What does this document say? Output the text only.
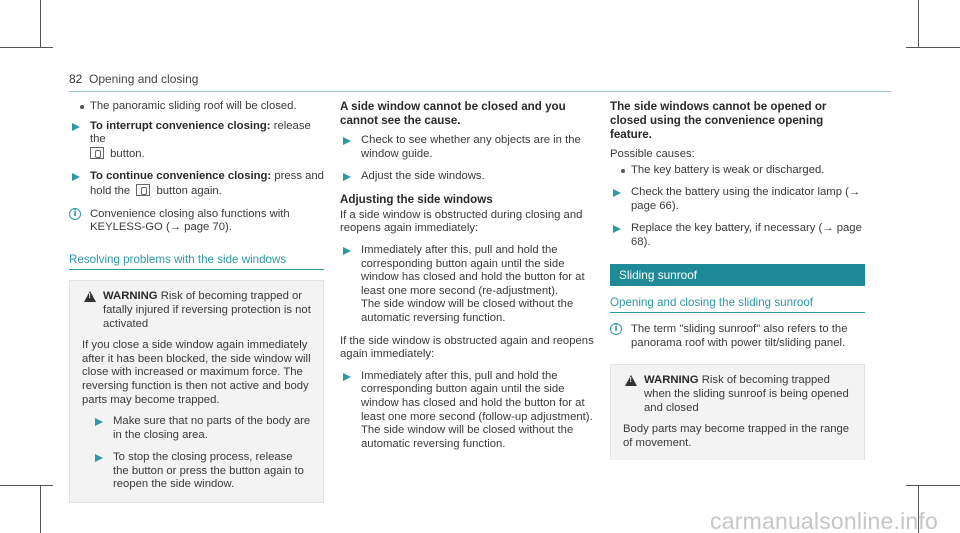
82 Opening and closing
The panoramic sliding roof will be closed.
To interrupt convenience closing: release the
button.
To continue convenience closing: press and hold the button again.
i	Convenience closing also functions with KEYLESS-GO (→ page 70).
Resolving problems with the side windows
!
WARNING Risk of becoming trapped or fatally injured if reversing protection is not activated
If you close a side window again immediately after it has been blocked, the side window will close with increased or maximum force. The reversing function is then not active and body parts may become trapped.
Make sure that no parts of the body are in the closing area.
To stop the closing process, release the button or press the button again to reopen the side window.
A side window cannot be closed and you cannot see the cause.
Check to see whether any objects are in the window guide.
Adjust the side windows.
Adjusting the side windows
If a side window is obstructed during closing and reopens again immediately:
Immediately after this, pull and hold the corresponding button again until the side window has closed and hold the button for at least one more second (re-adjustment).
The side window will be closed without the automatic reversing function.
If the side window is obstructed again and reopens again immediately:
Immediately after this, pull and hold the corresponding button again until the side window has closed and hold the button for at least one more second (follow-up adjustment).
The side window will be closed without the automatic reversing function.
The side windows cannot be opened or closed using the convenience opening feature.
Possible causes:
The key battery is weak or discharged.
Check the battery using the indicator lamp (→ page 66).
Replace the key battery, if necessary (→ page 68).
Sliding sunroof
Opening and closing the sliding sunroof
i	The term "sliding sunroof" also refers to the panorama roof with power tilt/sliding panel.
!
WARNING Risk of becoming trapped when the sliding sunroof is being opened and closed
Body parts may become trapped in the range of movement.
carmanualsonline.info
